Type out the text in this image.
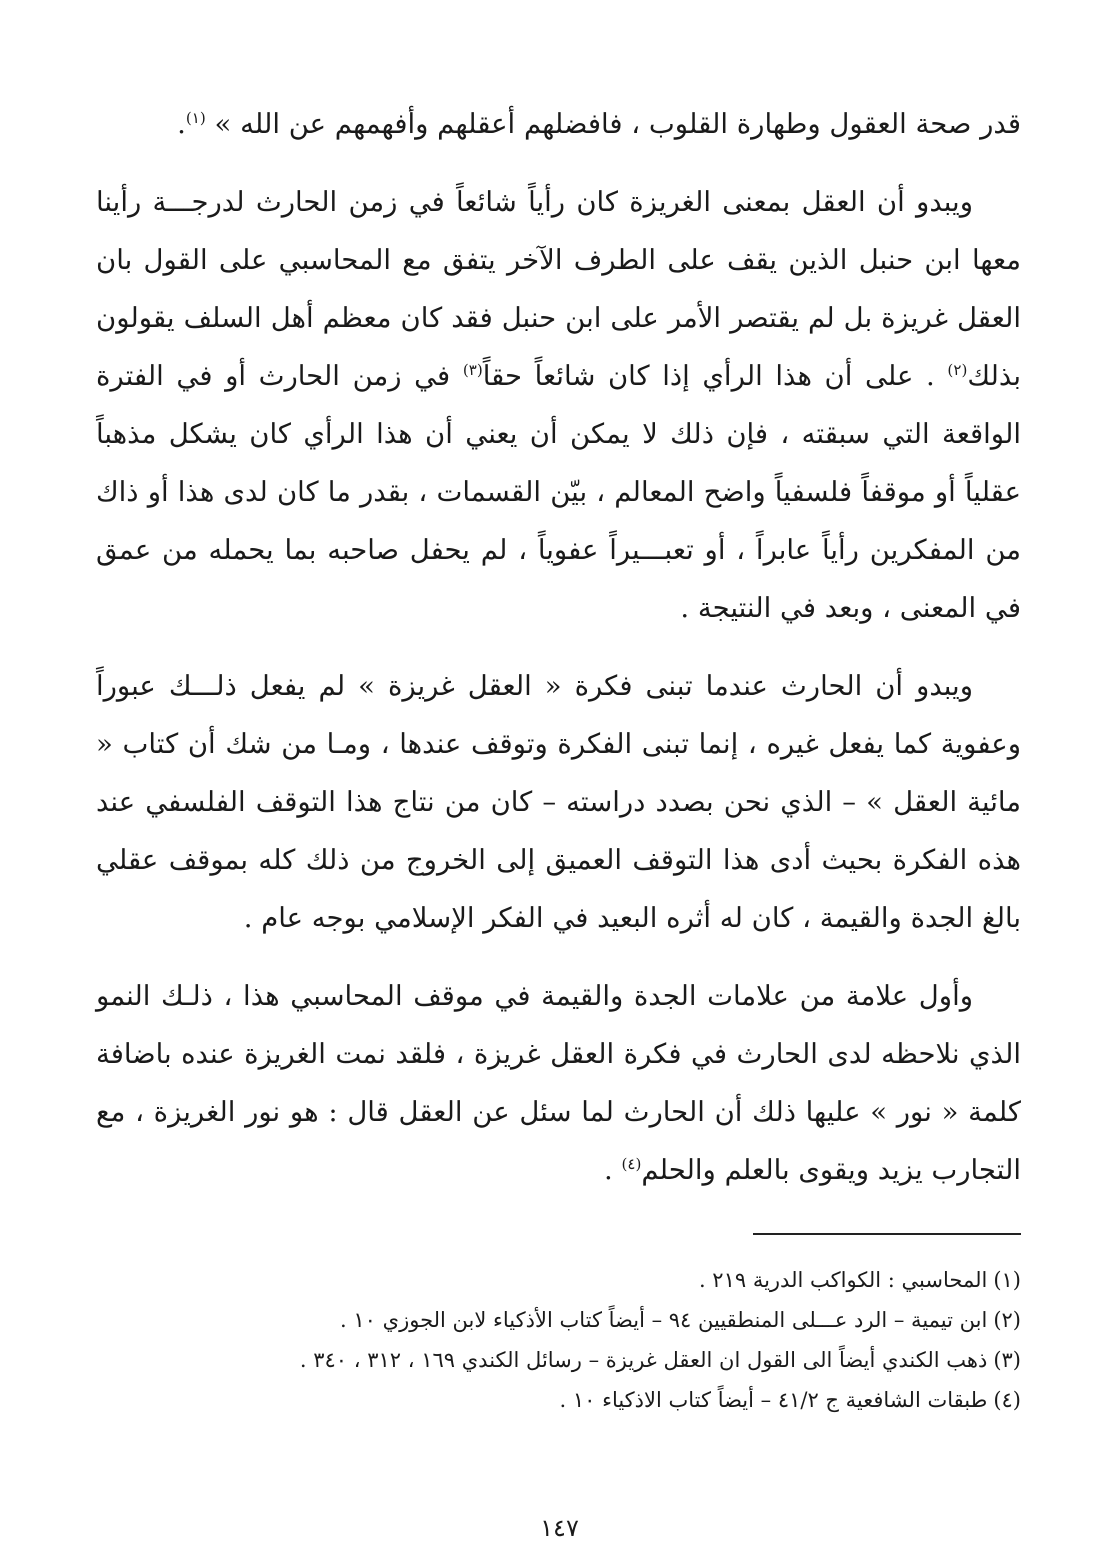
قدر صحة العقول وطهارة القلوب ، فافضلهم أعقلهم وأفهمهم عن الله » $^{(١)}$.

ويبدو أن العقل بمعنى الغريزة كان رأياً شائعاً في زمن الحارث لدرجـــة رأينا معها ابن حنبل الذين يقف على الطرف الآخر يتفق مع المحاسبي على القول بان العقل غريزة بل لم يقتصر الأمر على ابن حنبل فقد كان معظم أهل السلف يقولون بذلك$^{(٢)}$ . على أن هذا الرأي إذا كان شائعاً حقاً$^{(٣)}$ في زمن الحارث أو في الفترة الواقعة التي سبقته ، فإن ذلك لا يمكن أن يعني أن هذا الرأي كان يشكل مذهباً عقلياً أو موقفاً فلسفياً واضح المعالم ، بيّن القسمات ، بقدر ما كان لدى هذا أو ذاك من المفكرين رأياً عابراً ، أو تعبـــيراً عفوياً ، لم يحفل صاحبه بما يحمله من عمق في المعنى ، وبعد في النتيجة .

ويبدو أن الحارث عندما تبنى فكرة « العقل غريزة » لم يفعل ذلـــك عبوراً وعفوية كما يفعل غيره ، إنما تبنى الفكرة وتوقف عندها ، ومـا من شك أن كتاب « مائية العقل » – الذي نحن بصدد دراسته – كان من نتاج هذا التوقف الفلسفي عند هذه الفكرة بحيث أدى هذا التوقف العميق إلى الخروج من ذلك كله بموقف عقلي بالغ الجدة والقيمة ، كان له أثره البعيد في الفكر الإسلامي بوجه عام .

وأول علامة من علامات الجدة والقيمة في موقف المحاسبي هذا ، ذلـك النمو الذي نلاحظه لدى الحارث في فكرة العقل غريزة ، فلقد نمت الغريزة عنده باضافة كلمة « نور » عليها ذلك أن الحارث لما سئل عن العقل قال : هو نور الغريزة ، مع التجارب يزيد ويقوى بالعلم والحلم$^{(٤)}$ .

(١)المحاسبي : الكواكب الدرية ٢١٩ .

(٢)ابن تيمية – الرد عـــلى المنطقيين ٩٤ – أيضاً كتاب الأذكياء لابن الجوزي ١٠ .

(٣)ذهب الكندي أيضاً الى القول ان العقل غريزة – رسائل الكندي ١٦٩ ، ٣١٢ ، ٣٤٠ .

(٤)طبقات الشافعية ج ٤١/٢ – أيضاً كتاب الاذكياء ١٠ .

١٤٧
